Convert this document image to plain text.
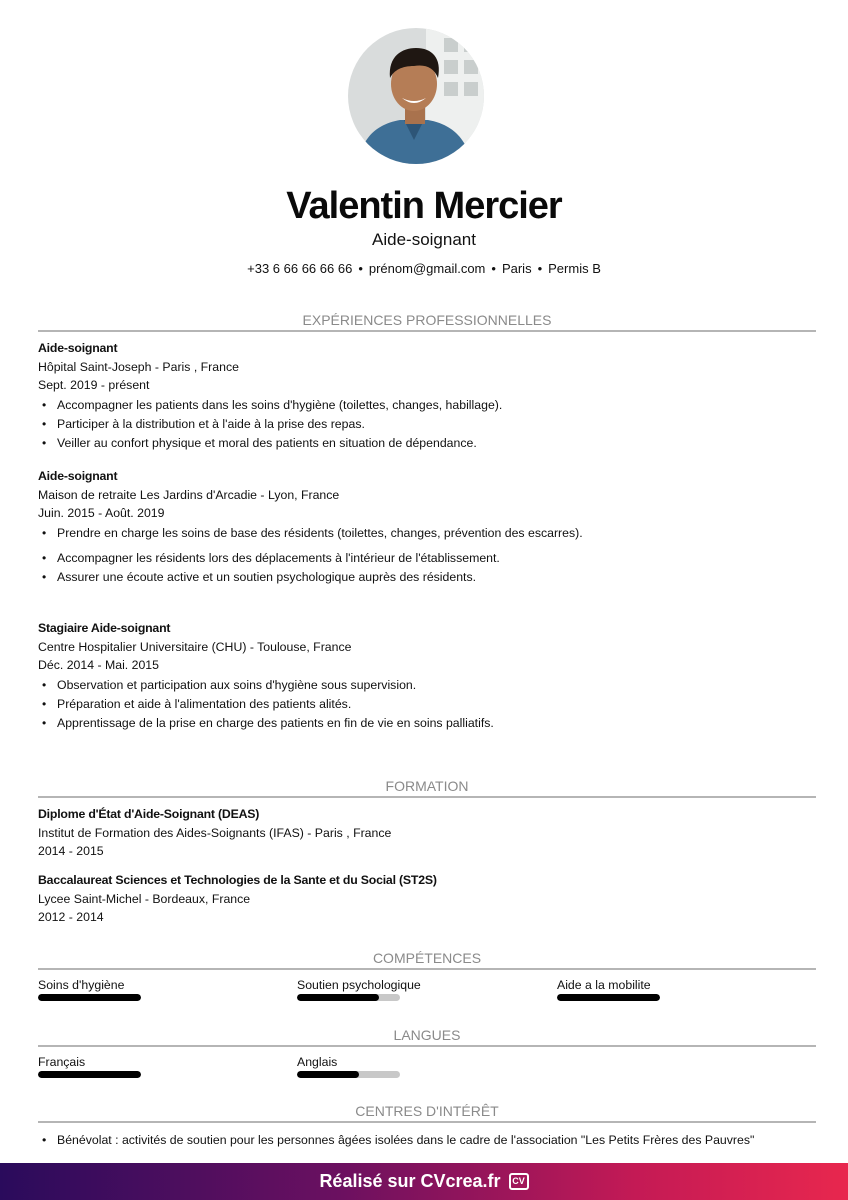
Valentin Mercier
Aide-soignant
+33 6 66 66 66 66 • prénom@gmail.com • Paris • Permis B
EXPÉRIENCES PROFESSIONNELLES
Aide-soignant
Hôpital Saint-Joseph - Paris , France
Sept. 2019 - présent
• Accompagner les patients dans les soins d'hygiène (toilettes, changes, habillage).
• Participer à la distribution et à l'aide à la prise des repas.
• Veiller au confort physique et moral des patients en situation de dépendance.
Aide-soignant
Maison de retraite Les Jardins d'Arcadie - Lyon, France
Juin. 2015 - Août. 2019
• Prendre en charge les soins de base des résidents (toilettes, changes, prévention des escarres).
• Accompagner les résidents lors des déplacements à l'intérieur de l'établissement.
• Assurer une écoute active et un soutien psychologique auprès des résidents.
Stagiaire Aide-soignant
Centre Hospitalier Universitaire (CHU) - Toulouse, France
Déc. 2014 - Mai. 2015
• Observation et participation aux soins d'hygiène sous supervision.
• Préparation et aide à l'alimentation des patients alités.
• Apprentissage de la prise en charge des patients en fin de vie en soins palliatifs.
FORMATION
Diplome d'État d'Aide-Soignant (DEAS)
Institut de Formation des Aides-Soignants (IFAS) - Paris , France
2014 - 2015
Baccalaureat Sciences et Technologies de la Sante et du Social (ST2S)
Lycee Saint-Michel - Bordeaux, France
2012 - 2014
COMPÉTENCES
Soins d'hygiène	Soutien psychologique	Aide a la mobilite
LANGUES
Français	Anglais
CENTRES D'INTÉRÊT
• Bénévolat : activités de soutien pour les personnes âgées isolées dans le cadre de l'association "Les Petits Frères des Pauvres"
Réalisé sur CVcrea.fr	CV
